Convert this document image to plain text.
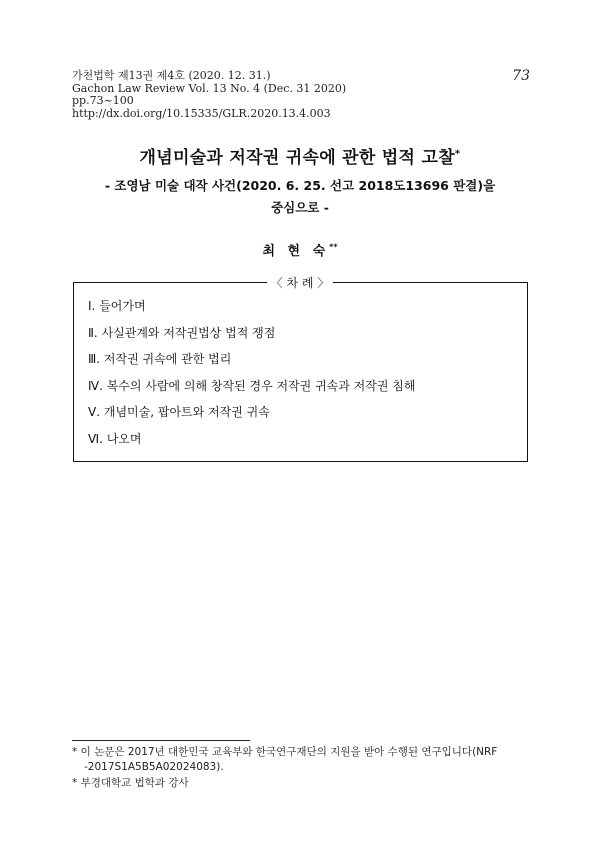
가천법학 제13권 제4호 (2020. 12. 31.)
Gachon Law Review Vol. 13 No. 4 (Dec. 31 2020)
pp.73~100
http://dx.doi.org/10.15335/GLR.2020.13.4.003
73
개념미술과 저작권 귀속에 관한 법적 고찰*
- 조영남 미술 대작 사건(2020. 6. 25. 선고 2018도13696 판결)을
중심으로 -
최 현 숙**
〈 차 례 〉
Ⅰ. 들어가며
Ⅱ. 사실관계와 저작권법상 법적 쟁점
Ⅲ. 저작권 귀속에 관한 법리
Ⅳ. 복수의 사람에 의해 창작된 경우 저작권 귀속과 저작권 침해
Ⅴ. 개념미술, 팝아트와 저작권 귀속
Ⅵ. 나오며
* 이 논문은 2017년 대한민국 교육부와 한국연구재단의 지원을 받아 수행된 연구입니다(NRF
-2017S1A5B5A02024083).
* 부경대학교 법학과 강사
